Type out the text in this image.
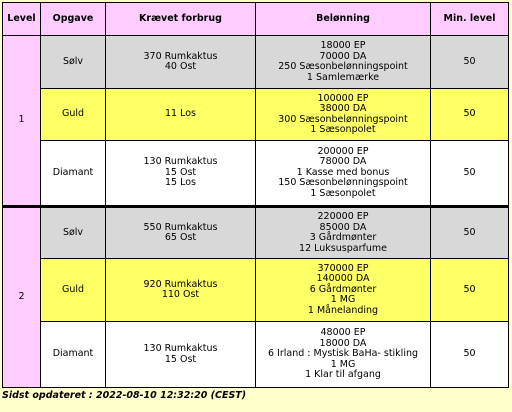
Level	Opgave	Krævet forbrug	Belønning	Min. level
1	Sølv	370 Rumkaktus
40 Ost	18000 EP
70000 DA
250 Sæsonbelønningspoint
1 Samlemærke	50
	Guld	11 Los	100000 EP
38000 DA
300 Sæsonbelønningspoint
1 Sæsonpolet	50
	Diamant	130 Rumkaktus
15 Ost
15 Los	200000 EP
78000 DA
1 Kasse med bonus
150 Sæsonbelønningspoint
1 Sæsonpolet	50
2	Sølv	550 Rumkaktus
65 Ost	220000 EP
85000 DA
3 Gårdmønter
12 Luksusparfume	50
	Guld	920 Rumkaktus
110 Ost	370000 EP
140000 DA
6 Gårdmønter
1 MG
1 Månelanding	50
	Diamant	130 Rumkaktus
15 Ost	48000 EP
18000 DA
6 Irland : Mystisk BaHa- stikling
1 MG
1 Klar til afgang	50
Sidst opdateret : 2022-08-10 12:32:20 (CEST)
